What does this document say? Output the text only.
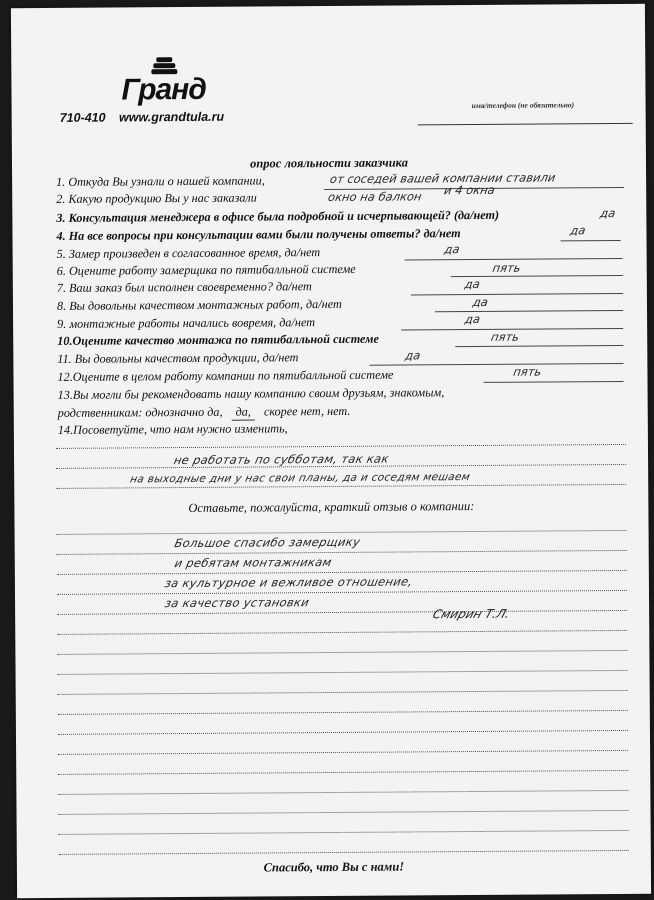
Гранд
710-410 www.grandtula.ru
имя/телефон (не обязательно)
опрос лояльности заказчика
1. Откуда Вы узнали о нашей компании,	от соседей вашей компании ставили
2. Какую продукцию Вы у нас заказали	окно на балкон и 4 окна
3. Консультация менеджера в офисе была подробной и исчерпывающей? (да/нет)	да
4. На все вопросы при консультации вами были получены ответы? да/нет	да
5. Замер произведен в согласованное время, да/нет	да
6. Оцените работу замерщика по пятибалльной системе	пять
7. Ваш заказ был исполнен своевременно? да/нет	да
8. Вы довольны качеством монтажных работ, да/нет	да
9. монтажные работы начались вовремя, да/нет	да
10.Оцените качество монтажа по пятибалльной системе	пять
11. Вы довольны качеством продукции, да/нет	да
12.Оцените в целом работу компании по пятибалльной системе	пять
13.Вы могли бы рекомендовать нашу компанию своим друзьям, знакомым,
родственникам: однозначно да, да, скорее нет, нет.
14.Посоветуйте, что нам нужно изменить,
не работать по субботам, так как
на выходные дни у нас свои планы, да и соседям мешаем
Оставьте, пожалуйста, краткий отзыв о компании:
Большое спасибо замерщику
и ребятам монтажникам
за культурное и вежливое отношение,
за качество установки
Смирин Т.Л.
Спасибо, что Вы с нами!
